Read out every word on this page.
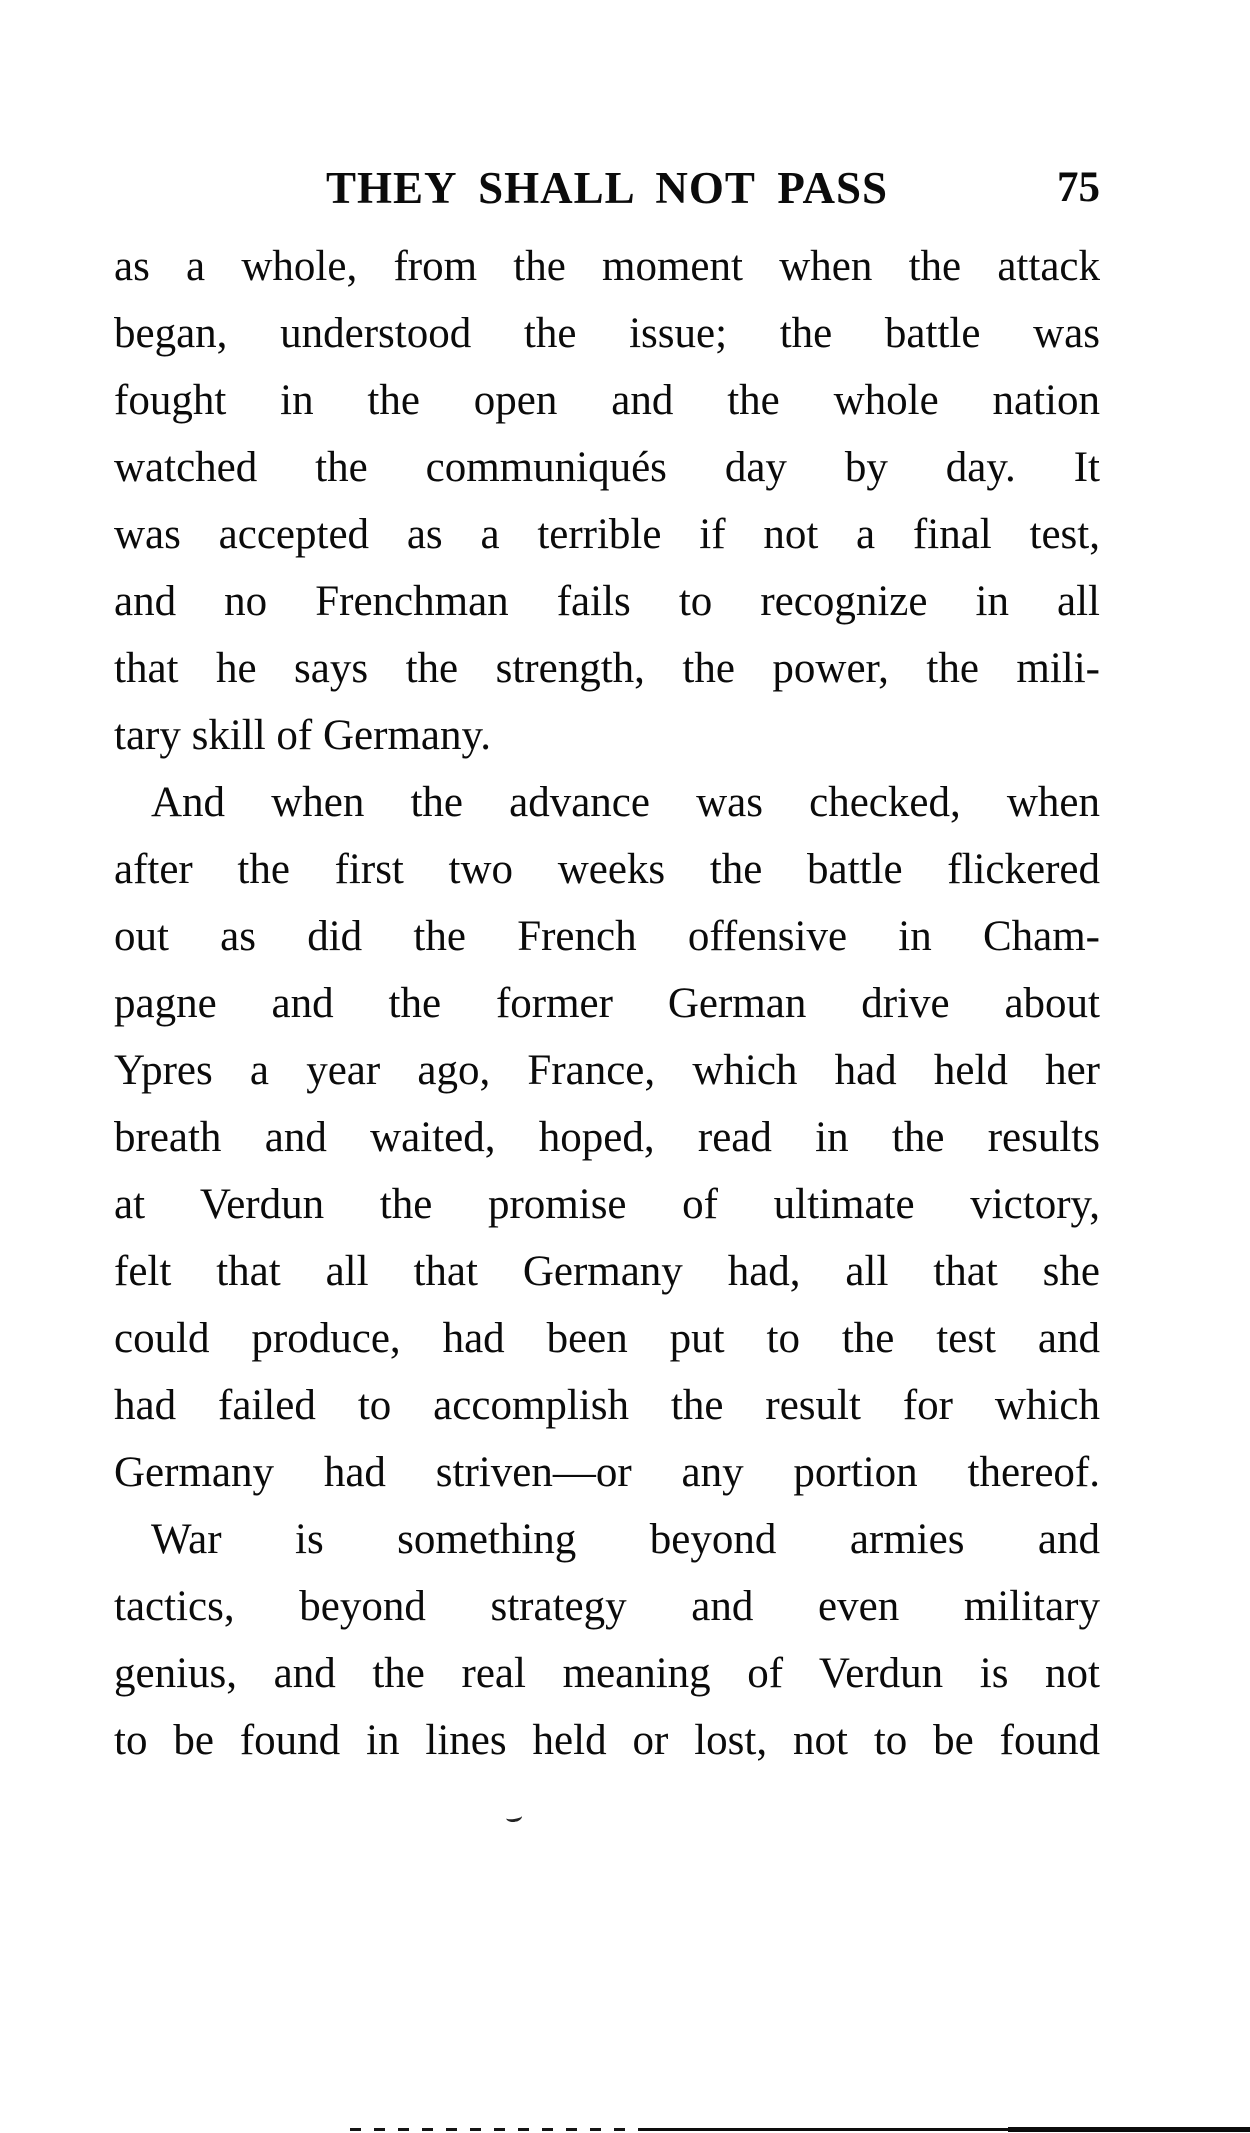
THEY SHALL NOT PASS	75
as a whole, from the moment when the attack
began, understood the issue; the battle was
fought in the open and the whole nation
watched the communiqués day by day. It
was accepted as a terrible if not a final test,
and no Frenchman fails to recognize in all
that he says the strength, the power, the mili-
tary skill of Germany.
And when the advance was checked, when
after the first two weeks the battle flickered
out as did the French offensive in Cham-
pagne and the former German drive about
Ypres a year ago, France, which had held her
breath and waited, hoped, read in the results
at Verdun the promise of ultimate victory,
felt that all that Germany had, all that she
could produce, had been put to the test and
had failed to accomplish the result for which
Germany had striven—or any portion thereof.
War is something beyond armies and
tactics, beyond strategy and even military
genius, and the real meaning of Verdun is not
to be found in lines held or lost, not to be found
